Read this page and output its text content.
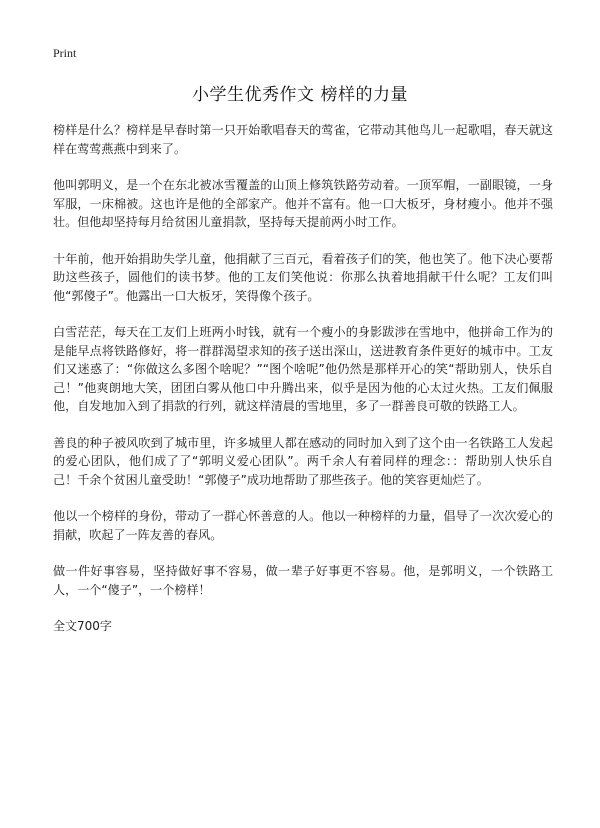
Print
小学生优秀作文 榜样的力量

榜样是什么？榜样是早春时第一只开始歌唱春天的莺雀，它带动其他鸟儿一起歌唱，春天就这样在莺莺燕燕中到来了。

他叫郭明义，是一个在东北被冰雪覆盖的山顶上修筑铁路劳动着。一顶军帽，一副眼镜，一身军服，一床棉被。这也许是他的全部家产。他并不富有。他一口大板牙，身材瘦小。他并不强壮。但他却坚持每月给贫困儿童捐款，坚持每天提前两小时工作。

十年前，他开始捐助失学儿童，他捐献了三百元，看着孩子们的笑，他也笑了。他下决心要帮助这些孩子，圆他们的读书梦。他的工友们笑他说：你那么执着地捐献干什么呢？工友们叫他“郭傻子”。他露出一口大板牙，笑得像个孩子。

白雪茫茫，每天在工友们上班两小时钱，就有一个瘦小的身影跋涉在雪地中，他拼命工作为的是能早点将铁路修好，将一群群渴望求知的孩子送出深山，送进教育条件更好的城市中。工友们又迷惑了：“你做这么多图个啥呢？”“图个啥呢”他仍然是那样开心的笑“帮助别人，快乐自己！”他爽朗地大笑，团团白雾从他口中升腾出来，似乎是因为他的心太过火热。工友们佩服他，自发地加入到了捐款的行列，就这样清晨的雪地里，多了一群善良可敬的铁路工人。

善良的种子被风吹到了城市里，许多城里人都在感动的同时加入到了这个由一名铁路工人发起的爱心团队，他们成了了“郭明义爱心团队”。两千余人有着同样的理念：：帮助别人快乐自己！千余个贫困儿童受助！“郭傻子”成功地帮助了那些孩子。他的笑容更灿烂了。

他以一个榜样的身份，带动了一群心怀善意的人。他以一种榜样的力量，倡导了一次次爱心的捐献，吹起了一阵友善的春风。

做一件好事容易，坚持做好事不容易，做一辈子好事更不容易。他，是郭明义，一个铁路工人，一个“傻子”，一个榜样！

全文700字
